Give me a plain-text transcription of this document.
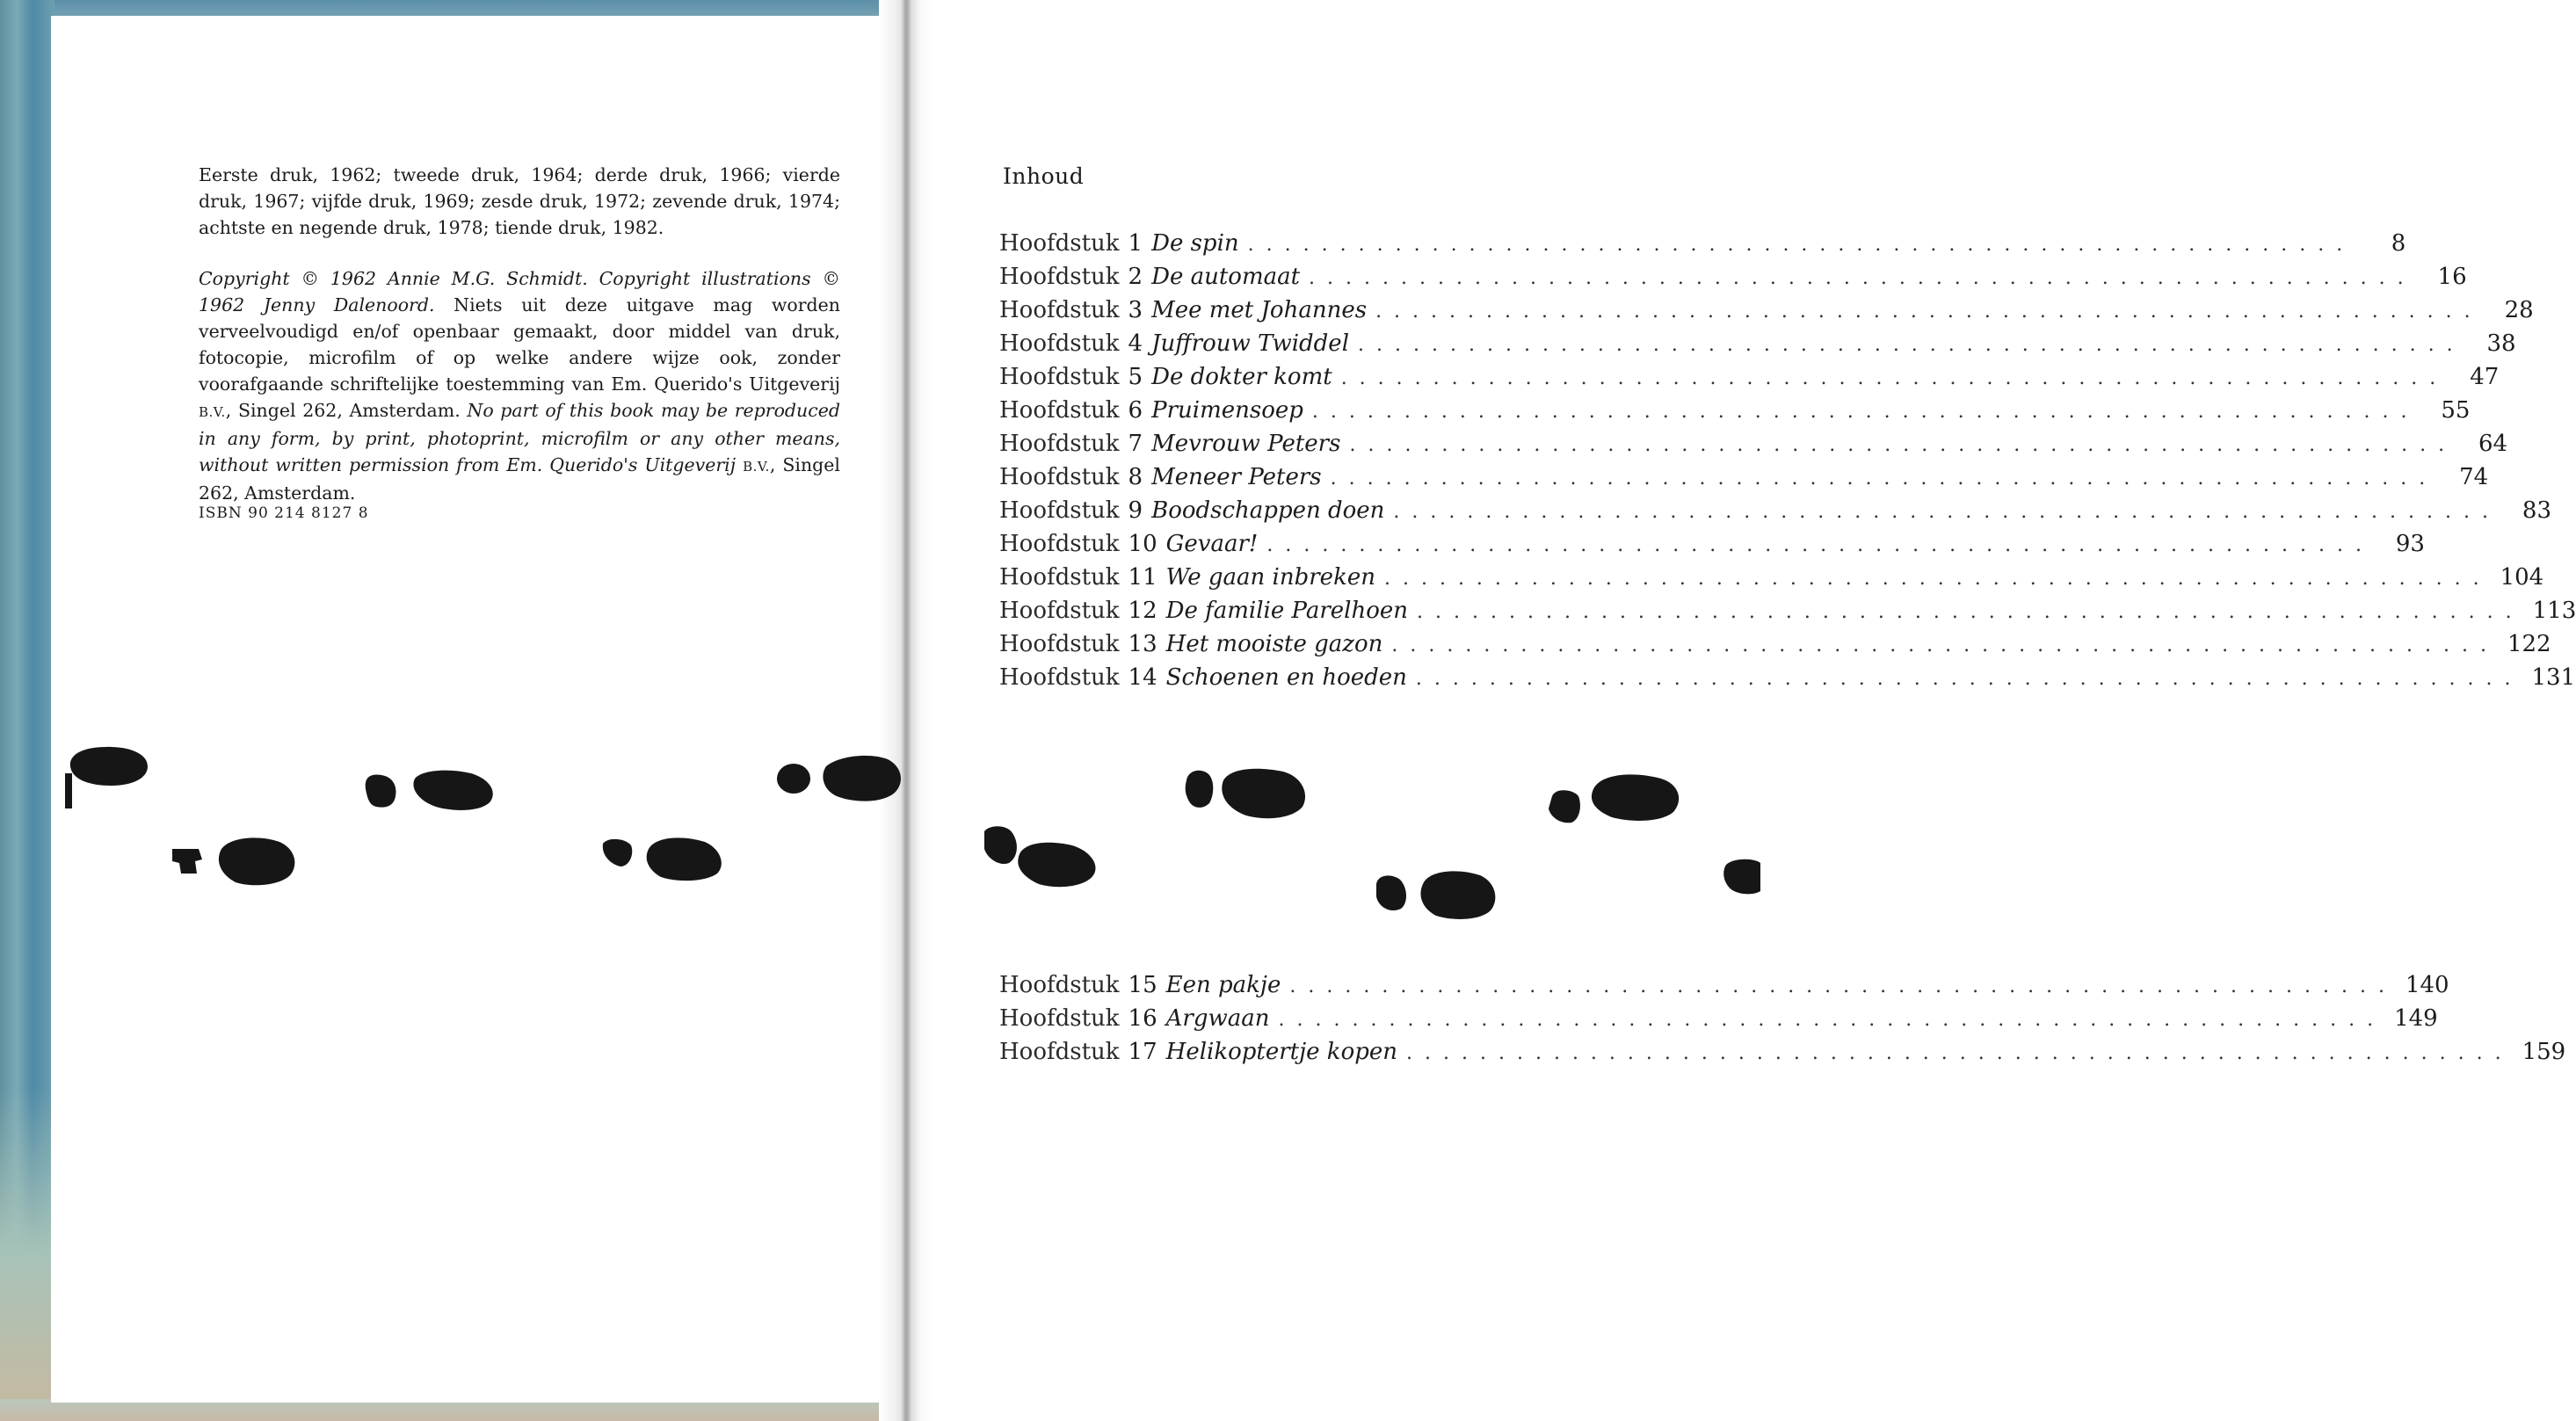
Eerste druk, 1962; tweede druk, 1964; derde druk, 1966; vierde druk, 1967; vijfde druk, 1969; zesde druk, 1972; zevende druk, 1974; achtste en negende druk, 1978; tiende druk, 1982.

Copyright © 1962 Annie M.G. Schmidt. Copyright illustrations © 1962 Jenny Dalenoord. Niets uit deze uitgave mag worden verveelvoudigd en/of openbaar gemaakt, door middel van druk, fotocopie, microfilm of op welke andere wijze ook, zonder voorafgaande schriftelijke toestemming van Em. Querido's Uitgeverij B.V., Singel 262, Amsterdam. No part of this book may be reproduced in any form, by print, photoprint, microfilm or any other means, without written permission from Em. Querido's Uitgeverij B.V., Singel 262, Amsterdam.
ISBN 90 214 8127 8
Inhoud
Hoofdstuk 1 De spin ............................................................	8
Hoofdstuk 2 De automaat ............................................................ 16
Hoofdstuk 3 Mee met Johannes ............................................................ 28
Hoofdstuk 4 Juffrouw Twiddel ............................................................ 38
Hoofdstuk 5 De dokter komt ............................................................ 47
Hoofdstuk 6 Pruimensoep ............................................................ 55
Hoofdstuk 7 Mevrouw Peters ............................................................ 64
Hoofdstuk 8 Meneer Peters ............................................................ 74
Hoofdstuk 9 Boodschappen doen ............................................................ 83
Hoofdstuk 10 Gevaar! ............................................................ 93
Hoofdstuk 11 We gaan inbreken ............................................................ 104
Hoofdstuk 12 De familie Parelhoen ............................................................ 113
Hoofdstuk 13 Het mooiste gazon ............................................................ 122
Hoofdstuk 14 Schoenen en hoeden ............................................................ 131
Hoofdstuk 15 Een pakje ............................................................ 140
Hoofdstuk 16 Argwaan ............................................................ 149
Hoofdstuk 17 Helikoptertje kopen ............................................................ 159
